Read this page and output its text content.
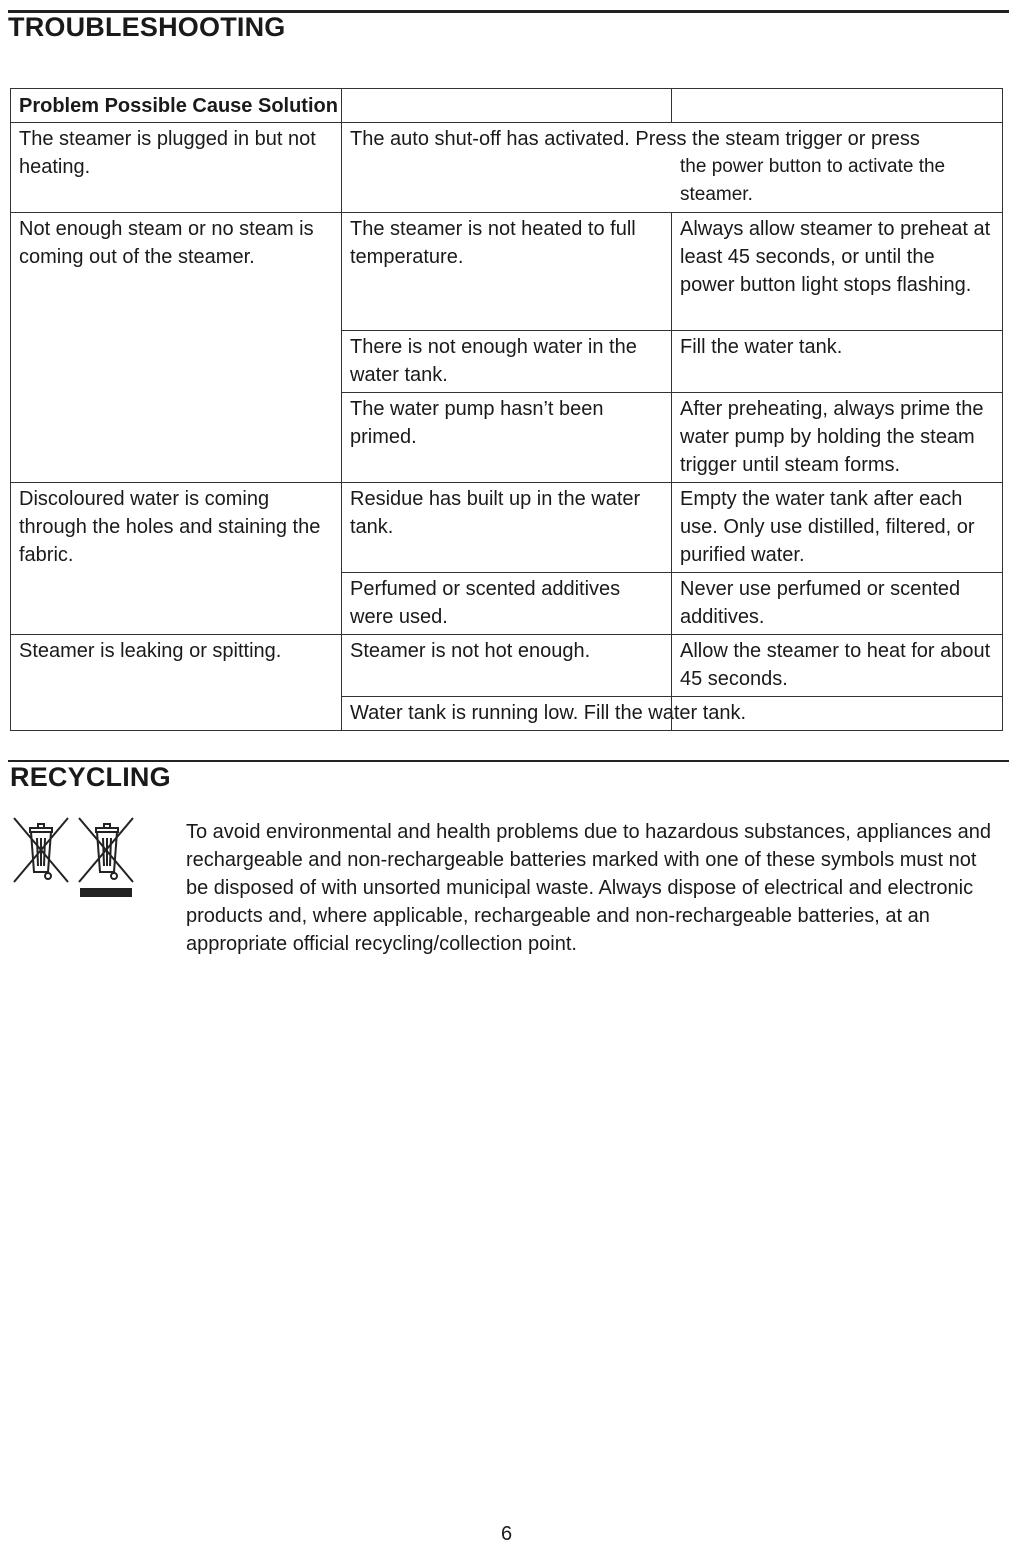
TROUBLESHOOTING
Problem Possible Cause Solution		
The steamer is plugged in but not heating.	The auto shut-off has activated. Press the steam trigger or press
the power button to activate the steamer.	

Not enough steam or no steam is coming out of the steamer.	The steamer is not heated to full temperature.	Always allow steamer to preheat at least 45 seconds, or until the power button light stops flashing.
	There is not enough water in the water tank.	Fill the water tank.
	The water pump hasn’t been primed.	After preheating, always prime the water pump by holding the steam trigger until steam forms.
Discoloured water is coming through the holes and staining the fabric.	Residue has built up in the water tank.	Empty the water tank after each use. Only use distilled, filtered, or purified water.
	Perfumed or scented additives were used.	Never use perfumed or scented additives.
Steamer is leaking or spitting.	Steamer is not hot enough.	Allow the steamer to heat for about 45 seconds.
	Water tank is running low. Fill the water tank.	
RECYCLING

To avoid environmental and health problems due to hazardous substances, appliances and rechargeable and non-rechargeable batteries marked with one of these symbols must not be disposed of with unsorted municipal waste. Always dispose of electrical and electronic products and, where applicable, rechargeable and non-rechargeable batteries, at an appropriate official recycling/collection point.

6
